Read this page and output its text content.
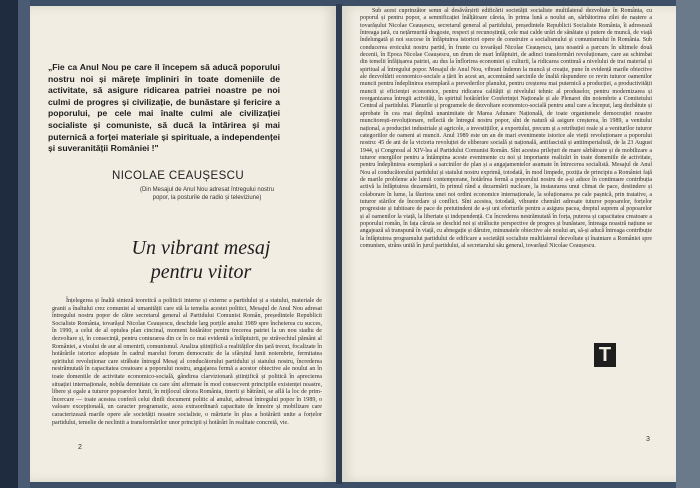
„Fie ca Anul Nou pe care îl începem să aducă poporului nostru noi și mărețe împliniri în toate domeniile de activitate, să asigure ridicarea patriei noastre pe noi culmi de progres și civilizație, de bunăstare și fericire a poporului, pe cele mai înalte culmi ale civilizației socialiste și comuniste, să ducă la întărirea și mai puternică a forței materiale și spirituale, a independenței și suveranității României !"
NICOLAE CEAUȘESCU
(Din Mesajul de Anul Nou adresat întregului nostru popor, la posturile de radio și televiziune)
Un vibrant mesaj pentru viitor
Înțelegerea și înaltă sinteză teoretică a politicii interne și externe a partidului și a statului, materiale de granit a înaltului crez comunist al umanității care stă la temelia acestei politici, Mesajul de Anul Nou adresat întregului nostru popor de către secretarul general al Partidului Comunist Român, președintele Republicii Socialiste România, tovarășul Nicolae Ceaușescu, deschide larg porțile anului 1989 spre încheierea cu succes, în 1990, a celui de al optulea plan cincinal, moment hotărâtor pentru trecerea patriei la un nou stadiu de dezvoltare și, în consecință, pentru conturarea din ce în ce mai evidentă a înfăptuirii, pe străvechiul pământ al României, a visului de aur al omenirii, comunismul. Analiza științifică a realităților din țară trecut, focalizate în hotărârile istorice adoptate în cadrul marelui forum democratic de la sfârșitul lunii noiembrie, fermitatea spiritului revoluționar care străbate întregul Mesaj al conducătorului partidului și statului nostru, încrederea nestrămutată în capacitatea creatoare a poporului nostru, angajarea fermă a acestor obiective ale noului an în toate domeniile de activitate economico-socială, gândirea clarvizionară științifică și politică în aprecierea situației internaționale, nobila demnitate cu care sînt afirmate în mod consecvent principiile existenței noastre, libere și egale a tuturor popoarelor lumii, în mijlocul cărora România, tinerii și bătrânii, se află la loc de prim-încercare — toate acestea conferă celui dintîi document politic al anului, adresat întregului popor în 1989, o valoare excepțională, un caracter programatic, acea extraordinară capacitate de înnoire și mobilizare care caracterizează marile opere ale societății noastre socialiste, o mărturie în plus a hotărârii unite a forțelor partidului, temelie de neclintit a transformărilor unor principii și hotărâri în realitate concretă, vie.
2
Sub acest cuprinzător semn al desăvârșirii edificării societății socialiste multilateral dezvoltate în România, cu poporul și pentru popor, a semnificației înălțătoare căreia, în prima lună a noului an, sărbătorirea zilei de naștere a tovarășului Nicolae Ceaușescu, secretarul general al partidului, președintele Republicii Socialiste România, îi adresează întreaga țară, cu nețărmurită dragoste, respect și recunoștință, cele mai calde urări de sănătate și putere de muncă, de viață îndelungată și noi succese în înfăptuirea istoricei opere de construire a socialismului și comunismului în România. Sub conducerea eroicului nostru partid, în frunte cu tovarășul Nicolae Ceaușescu, țara noastră a parcurs în ultimele două decenii, în Epoca Nicolae Ceaușescu, un drum de mari înfăptuiri, de adinci transformări revoluționare, care au schimbat din temelii înfățișarea patriei, au dus la înflorirea economiei și culturii, la ridicarea continuă a nivelului de trai material și spiritual al întregului popor. Mesajul de Anul Nou, vibrant îndemn la muncă și creație, pune în evidență marile obiective ale dezvoltării economico-sociale a țării în acest an, accentuând sarcinile de înaltă răspundere ce revin tuturor oamenilor muncii pentru îndeplinirea exemplară a prevederilor planului, pentru creșterea mai puternică a producției, a productivității muncii și eficienței economice, pentru ridicarea calității și nivelului tehnic al produselor, pentru modernizarea și reorganizarea întregii activități, în spiritul hotărârilor Conferinței Naționale și ale Plenarei din noiembrie a Comitetului Central al partidului. Planurile și programele de dezvoltare economico-socială pentru anul care a început, larg dezbătute și aprobate în cea mai deplină unanimitate de Marea Adunare Națională, de toate organismele democrației noastre muncitorești-revoluționare, reflectă de întregul nostru popor, sînt de natură să asigure creșterea, în 1989, a venitului național, a producției industriale și agricole, a investițiilor, a exportului, precum și a retribuției reale și a veniturilor tuturor categoriilor de oameni ai muncii. Anul 1989 este un an de mari evenimente istorice ale vieții revoluționare a poporului nostru: 45 de ani de la victoria revoluției de eliberare socială și națională, antifascistă și antiimperialistă, de la 23 August 1944, și Congresul al XIV-lea al Partidului Comunist Român. Sînt acestea prilejuri de mare sărbătoare și de mobilizare a tuturor energiilor pentru a întâmpina aceste evenimente cu noi și importante realizări în toate domeniile de activitate, pentru îndeplinirea exemplară a sarcinilor de plan și a angajamentelor asumate în întrecerea socialistă. Mesajul de Anul Nou al conducătorului partidului și statului nostru exprimă, totodată, în mod limpede, poziția de principiu a României față de marile probleme ale lumii contemporane, hotărîrea fermă a poporului nostru de a-și aduce în continuare contribuția activă la înfăptuirea dezarmării, în primul rând a dezarmării nucleare, la instaurarea unui climat de pace, destindere și colaborare în lume, la făurirea unei noi ordini economice internaționale, la soluționarea pe cale pașnică, prin tratative, a tuturor stărilor de încordare și conflict. Sînt acestea, totodată, vibrante chemări adresate tuturor popoarelor, forțelor progresiste și iubitoare de pace de pretutindeni de a-și uni eforturile pentru a asigura pacea, dreptul suprem al popoarelor și al oamenilor la viață, la libertate și independență. Cu încrederea nestrămutată în forța, puterea și capacitatea creatoare a poporului român, în fața căruia se deschid noi și strălucite perspective de progres și bunăstare, întreaga noastră națiune se angajează să transpună în viață, cu abnegație și dăruire, minunatele obiective ale noului an, să-și aducă întreaga contribuție la înfăptuirea programului partidului de edificare a societății socialiste multilateral dezvoltate și înaintare a României spre comunism, strâns unită în jurul partidului, al secretarului său general, tovarășul Nicolae Ceaușescu.
T
3
